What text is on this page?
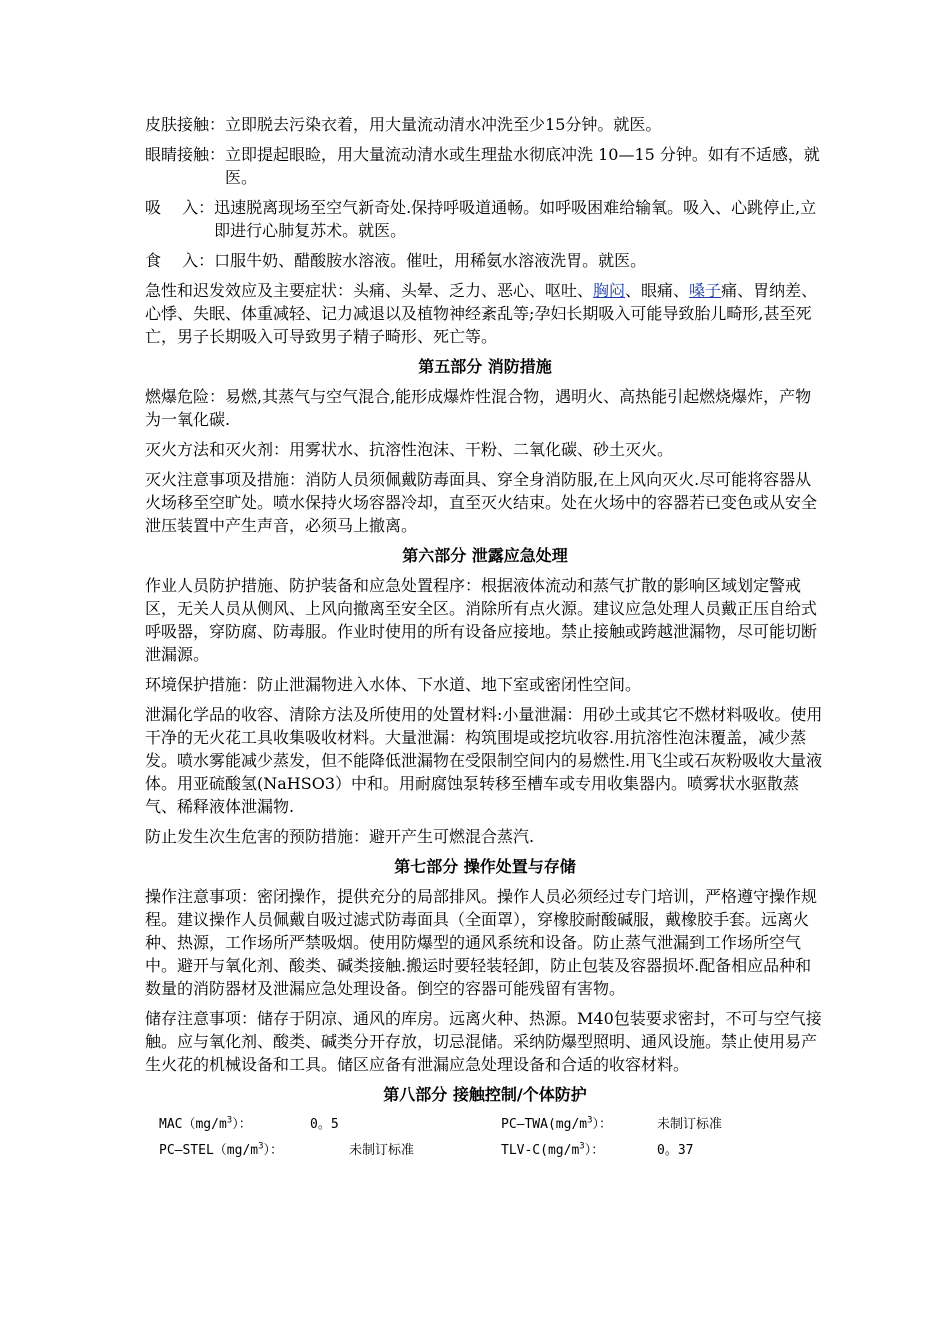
皮肤接触： 立即脱去污染衣着，用大量流动清水冲洗至少15分钟。就医。
眼睛接触： 立即提起眼睑，用大量流动清水或生理盐水彻底冲洗 10—15 分钟。如有不适感，就医。
吸　 入： 迅速脱离现场至空气新奇处.保持呼吸道通畅。如呼吸困难给输氧。吸入、心跳停止,立即进行心肺复苏术。就医。
食　 入： 口服牛奶、醋酸胺水溶液。催吐，用稀氨水溶液洗胃。就医。
急性和迟发效应及主要症状：头痛、头晕、乏力、恶心、呕吐、胸闷、眼痛、嗓子痛、胃纳差、心悸、失眠、体重减轻、记力减退以及植物神经紊乱等;孕妇长期吸入可能导致胎儿畸形,甚至死亡，男子长期吸入可导致男子精子畸形、死亡等。
第五部分 消防措施
燃爆危险：易燃,其蒸气与空气混合,能形成爆炸性混合物，遇明火、高热能引起燃烧爆炸，产物为一氧化碳.
灭火方法和灭火剂：用雾状水、抗溶性泡沫、干粉、二氧化碳、砂土灭火。
灭火注意事项及措施：消防人员须佩戴防毒面具、穿全身消防服,在上风向灭火.尽可能将容器从火场移至空旷处。喷水保持火场容器冷却，直至灭火结束。处在火场中的容器若已变色或从安全泄压装置中产生声音，必须马上撤离。
第六部分 泄露应急处理
作业人员防护措施、防护装备和应急处置程序：根据液体流动和蒸气扩散的影响区域划定警戒区，无关人员从侧风、上风向撤离至安全区。消除所有点火源。建议应急处理人员戴正压自给式呼吸器，穿防腐、防毒服。作业时使用的所有设备应接地。禁止接触或跨越泄漏物，尽可能切断泄漏源。
环境保护措施：防止泄漏物进入水体、下水道、地下室或密闭性空间。
泄漏化学品的收容、清除方法及所使用的处置材料:小量泄漏：用砂土或其它不燃材料吸收。使用干净的无火花工具收集吸收材料。大量泄漏：构筑围堤或挖坑收容.用抗溶性泡沫覆盖，减少蒸发。喷水雾能减少蒸发，但不能降低泄漏物在受限制空间内的易燃性.用飞尘或石灰粉吸收大量液体。用亚硫酸氢(NaHSO3）中和。用耐腐蚀泵转移至槽车或专用收集器内。喷雾状水驱散蒸气、稀释液体泄漏物.
防止发生次生危害的预防措施：避开产生可燃混合蒸汽.
第七部分 操作处置与存储
操作注意事项：密闭操作，提供充分的局部排风。操作人员必须经过专门培训，严格遵守操作规程。建议操作人员佩戴自吸过滤式防毒面具（全面罩），穿橡胶耐酸碱服，戴橡胶手套。远离火种、热源，工作场所严禁吸烟。使用防爆型的通风系统和设备。防止蒸气泄漏到工作场所空气中。避开与氧化剂、酸类、碱类接触.搬运时要轻装轻卸，防止包装及容器损坏.配备相应品种和数量的消防器材及泄漏应急处理设备。倒空的容器可能残留有害物。
储存注意事项：储存于阴凉、通风的库房。远离火种、热源。M40包装要求密封，不可与空气接触。应与氧化剂、酸类、碱类分开存放，切忌混储。采纳防爆型照明、通风设施。禁止使用易产生火花的机械设备和工具。储区应备有泄漏应急处理设备和合适的收容材料。
第八部分 接触控制/个体防护
$MAC(mg/m^3)$：	0。5	$PC—TWA(mg/m^3)$：	未制订标准
$PC—STEL(mg/m^3)$：	未制订标准	TLV-$C(mg/m^3)$：	0。37
